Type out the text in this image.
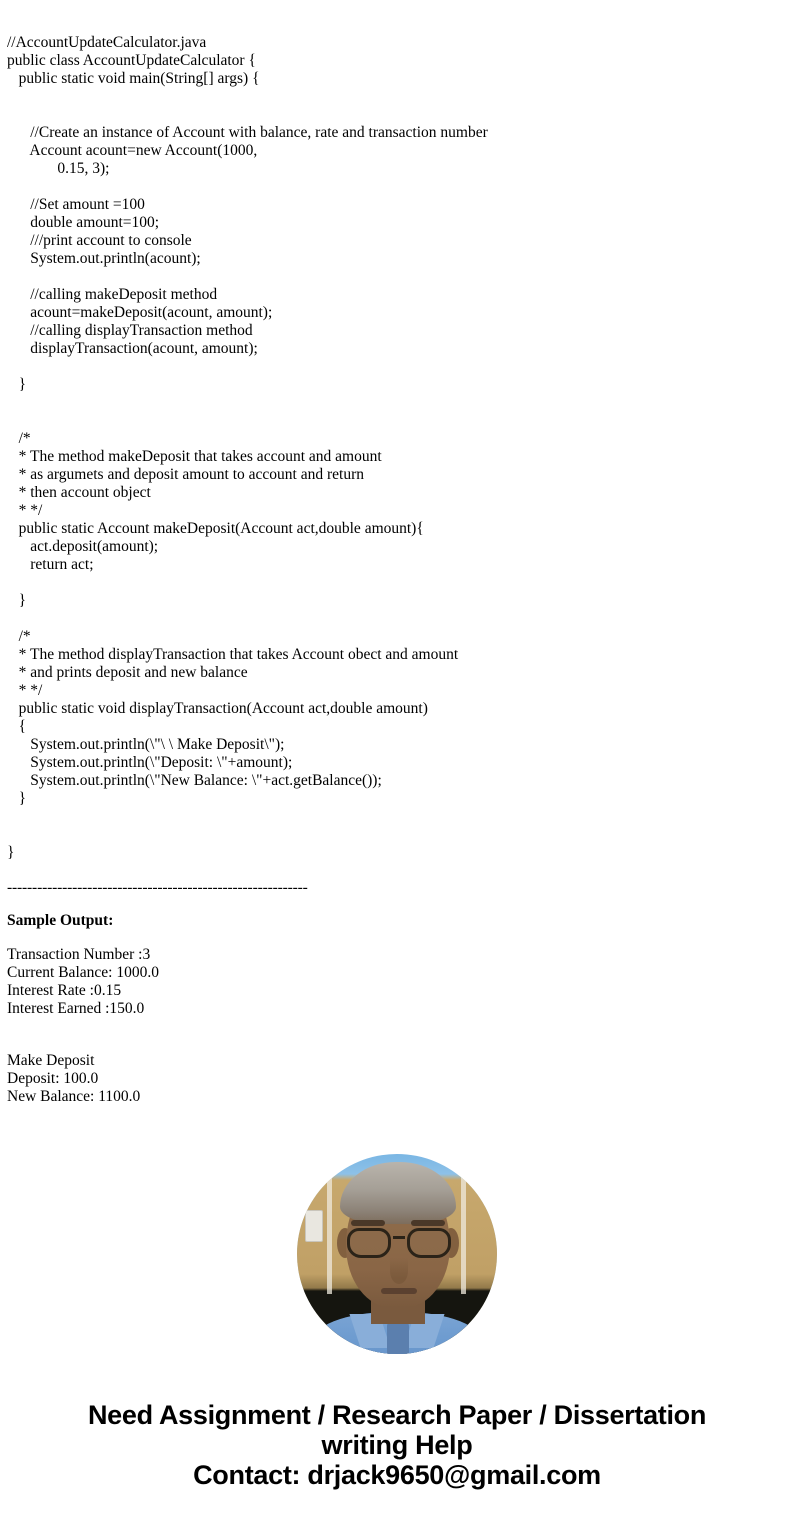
//AccountUpdateCalculator.java
public class AccountUpdateCalculator {
public static void main(String[] args) {

//Create an instance of Account with balance, rate and transaction number
Account acount=new Account(1000,
0.15, 3);

//Set amount =100
double amount=100;
///print account to console
System.out.println(acount);

//calling makeDeposit method
acount=makeDeposit(acount, amount);
//calling displayTransaction method
displayTransaction(acount, amount);

}

/*
* The method makeDeposit that takes account and amount
* as argumets and deposit amount to account and return
* then account object
* */
public static Account makeDeposit(Account act,double amount){
act.deposit(amount);
return act;

}

/*
* The method displayTransaction that takes Account obect and amount
* and prints deposit and new balance
* */
public static void displayTransaction(Account act,double amount)
{
System.out.println(\"\ \ Make Deposit\");
System.out.println(\"Deposit: \"+amount);
System.out.println(\"New Balance: \"+act.getBalance());
}

}
------------------------------------------------------------
Sample Output:
Transaction Number :3
Current Balance: 1000.0
Interest Rate :0.15
Interest Earned :150.0
Make Deposit
Deposit: 100.0
New Balance: 1100.0
Need Assignment / Research Paper / Dissertation
writing Help
Contact: drjack9650@gmail.com
